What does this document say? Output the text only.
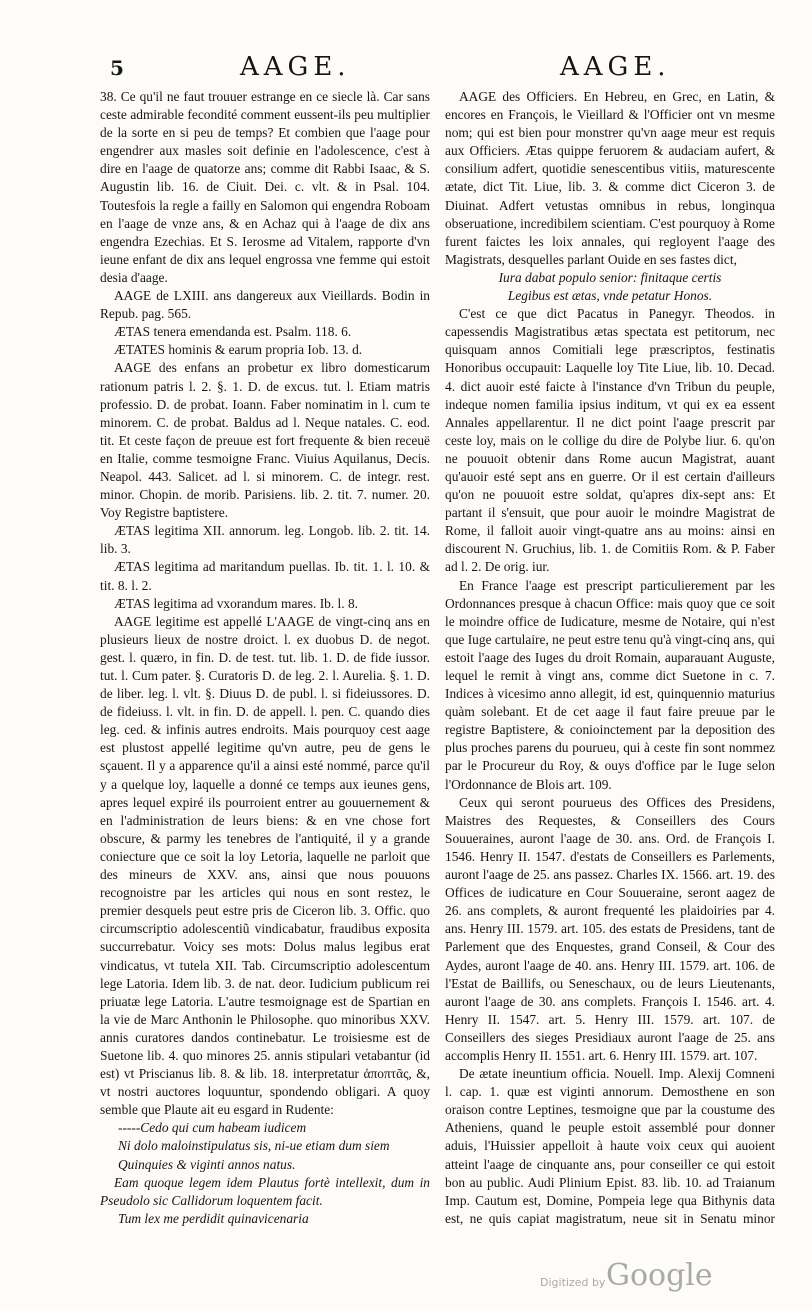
5	AAGE.	AAGE.

38. Ce qu'il ne faut trouuer estrange en ce siecle là. Car sans ceste admirable fecondité comment eussent-ils peu multiplier de la sorte en si peu de temps? Et combien que l'aage pour engendrer aux masles soit definie en l'adolescence, c'est à dire en l'aage de quatorze ans; comme dit Rabbi Isaac, & S. Augustin lib. 16. de Ciuit. Dei. c. vlt. & in Psal. 104. Toutesfois la regle a failly en Salomon qui engendra Roboam en l'aage de vnze ans, & en Achaz qui à l'aage de dix ans engendra Ezechias. Et S. Ierosme ad Vitalem, rapporte d'vn ieune enfant de dix ans lequel engrossa vne femme qui estoit desia d'aage.

AAGE de LXIII. ans dangereux aux Vieillards. Bodin in Repub. pag. 565.

ÆTAS tenera emendanda est. Psalm. 118. 6.

ÆTATES hominis & earum propria Iob. 13. d.

AAGE des enfans an probetur ex libro domesticarum rationum patris l. 2. §. 1. D. de excus. tut. l. Etiam matris professio. D. de probat. Ioann. Faber nominatim in l. cum te minorem. C. de probat. Baldus ad l. Neque natales. C. eod. tit. Et ceste façon de preuue est fort frequente & bien receuë en Italie, comme tesmoigne Franc. Viuius Aquilanus, Decis. Neapol. 443. Salicet. ad l. si minorem. C. de integr. rest. minor. Chopin. de morib. Parisiens. lib. 2. tit. 7. numer. 20. Voy Registre baptistere.

ÆTAS legitima XII. annorum. leg. Longob. lib. 2. tit. 14. lib. 3.

ÆTAS legitima ad maritandum puellas. Ib. tit. 1. l. 10. & tit. 8. l. 2.

ÆTAS legitima ad vxorandum mares. Ib. l. 8.

AAGE legitime est appellé L'AAGE de vingt-cinq ans en plusieurs lieux de nostre droict. l. ex duobus D. de negot. gest. l. quæro, in fin. D. de test. tut. lib. 1. D. de fide iussor. tut. l. Cum pater. §. Curatoris D. de leg. 2. l. Aurelia. §. 1. D. de liber. leg. l. vlt. §. Diuus D. de publ. l. si fideiussores. D. de fideiuss. l. vlt. in fin. D. de appell. l. pen. C. quando dies leg. ced. & infinis autres endroits. Mais pourquoy cest aage est plustost appellé legitime qu'vn autre, peu de gens le sçauent. Il y a apparence qu'il a ainsi esté nommé, parce qu'il y a quelque loy, laquelle a donné ce temps aux ieunes gens, apres lequel expiré ils pourroient entrer au gouuernement & en l'administration de leurs biens: & en vne chose fort obscure, & parmy les tenebres de l'antiquité, il y a grande coniecture que ce soit la loy Letoria, laquelle ne parloit que des mineurs de XXV. ans, ainsi que nous pouuons recognoistre par les articles qui nous en sont restez, le premier desquels peut estre pris de Ciceron lib. 3. Offic. quo circumscriptio adolescentiũ vindicabatur, fraudibus exposita succurrebatur. Voicy ses mots: Dolus malus legibus erat vindicatus, vt tutela XII. Tab. Circumscriptio adolescentum lege Latoria. Idem lib. 3. de nat. deor. Iudicium publicum rei priuatæ lege Latoria. L'autre tesmoignage est de Spartian en la vie de Marc Anthonin le Philosophe. quo minoribus XXV. annis curatores dandos continebatur. Le troisiesme est de Suetone lib. 4. quo minores 25. annis stipulari vetabantur (id est) vt Priscianus lib. 8. & lib. 18. interpretatur ἀποπτᾶς, &, vt nostri auctores loquuntur, spondendo obligari. A quoy semble que Plaute ait eu esgard in Rudente:

-----Cedo qui cum habeam iudicem

Ni dolo maloinstipulatus sis, ni-ue etiam dum siem

Quinquies & viginti annos natus.

Eam quoque legem idem Plautus fortè intellexit, dum in Pseudolo sic Callidorum loquentem facit.

Tum lex me perdidit quinavicenaria

AAGE des Officiers. En Hebreu, en Grec, en Latin, & encores en François, le Vieillard & l'Officier ont vn mesme nom; qui est bien pour monstrer qu'vn aage meur est requis aux Officiers. Ætas quippe feruorem & audaciam aufert, & consilium adfert, quotidie senescentibus vitiis, maturescente ætate, dict Tit. Liue, lib. 3. & comme dict Ciceron 3. de Diuinat. Adfert vetustas omnibus in rebus, longinqua obseruatione, incredibilem scientiam. C'est pourquoy à Rome furent faictes les loix annales, qui regloyent l'aage des Magistrats, desquelles parlant Ouide en ses fastes dict,

Iura dabat populo senior: finitaque certis

Legibus est ætas, vnde petatur Honos.

C'est ce que dict Pacatus in Panegyr. Theodos. in capessendis Magistratibus ætas spectata est petitorum, nec quisquam annos Comitiali lege præscriptos, festinatis Honoribus occupauit: Laquelle loy Tite Liue, lib. 10. Decad. 4. dict auoir esté faicte à l'instance d'vn Tribun du peuple, indeque nomen familia ipsius inditum, vt qui ex ea essent Annales appellarentur. Il ne dict point l'aage prescrit par ceste loy, mais on le collige du dire de Polybe liur. 6. qu'on ne pouuoit obtenir dans Rome aucun Magistrat, auant qu'auoir esté sept ans en guerre. Or il est certain d'ailleurs qu'on ne pouuoit estre soldat, qu'apres dix-sept ans: Et partant il s'ensuit, que pour auoir le moindre Magistrat de Rome, il falloit auoir vingt-quatre ans au moins: ainsi en discourent N. Gruchius, lib. 1. de Comitiis Rom. & P. Faber ad l. 2. De orig. iur.

En France l'aage est prescript particulierement par les Ordonnances presque à chacun Office: mais quoy que ce soit le moindre office de Iudicature, mesme de Notaire, qui n'est que Iuge cartulaire, ne peut estre tenu qu'à vingt-cinq ans, qui estoit l'aage des Iuges du droit Romain, auparauant Auguste, lequel le remit à vingt ans, comme dict Suetone in c. 7. Indices à vicesimo anno allegit, id est, quinquennio maturius quàm solebant. Et de cet aage il faut faire preuue par le registre Baptistere, & conioinctement par la deposition des plus proches parens du pourueu, qui à ceste fin sont nommez par le Procureur du Roy, & ouys d'office par le Iuge selon l'Ordonnance de Blois art. 109.

Ceux qui seront pourueus des Offices des Presidens, Maistres des Requestes, & Conseillers des Cours Souueraines, auront l'aage de 30. ans. Ord. de François I. 1546. Henry II. 1547. d'estats de Conseillers es Parlements, auront l'aage de 25. ans passez. Charles IX. 1566. art. 19. des Offices de iudicature en Cour Souueraine, seront aagez de 26. ans complets, & auront frequenté les plaidoiries par 4. ans. Henry III. 1579. art. 105. des estats de Presidens, tant de Parlement que des Enquestes, grand Conseil, & Cour des Aydes, auront l'aage de 40. ans. Henry III. 1579. art. 106. de l'Estat de Baillifs, ou Seneschaux, ou de leurs Lieutenants, auront l'aage de 30. ans complets. François I. 1546. art. 4. Henry II. 1547. art. 5. Henry III. 1579. art. 107. de Conseillers des sieges Presidiaux auront l'aage de 25. ans accomplis Henry II. 1551. art. 6. Henry III. 1579. art. 107.

De ætate ineuntium officia. Nouell. Imp. Alexij Comneni l. cap. 1. quæ est viginti annorum. Demosthene en son oraison contre Leptines, tesmoigne que par la coustume des Atheniens, quand le peuple estoit assemblé pour donner aduis, l'Huissier appelloit à haute voix ceux qui auoient atteint l'aage de cinquante ans, pour conseiller ce qui estoit bon au public. Audi Plinium Epist. 83. lib. 10. ad Traianum Imp. Cautum est, Domine, Pompeia lege qua Bithynis data est, ne quis capiat magistratum, neue sit in Senatu minor

Digitized by Google
